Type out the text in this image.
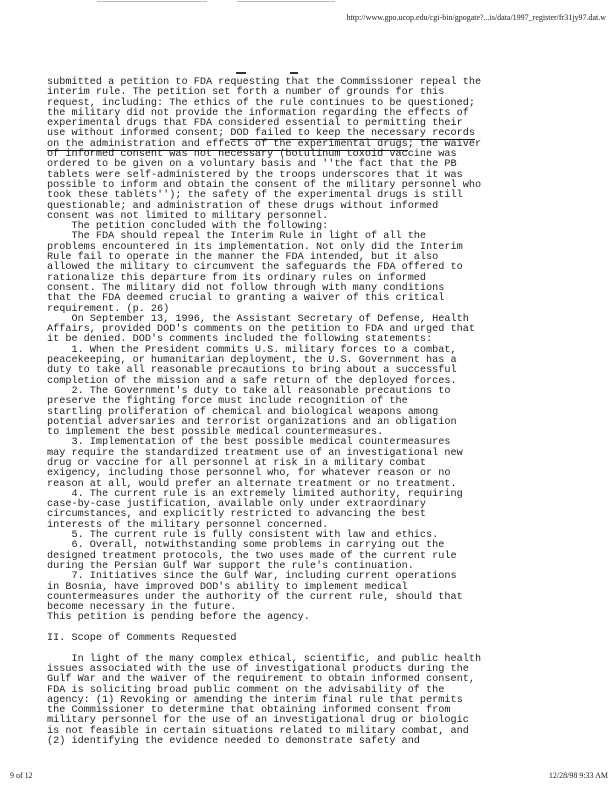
http://www.gpo.ucop.edu/cgi-bin/gpogate?...is/data/1997_register/fr31jy97.dat.w
submitted a petition to FDA requesting that the Commissioner repeal the
interim rule. The petition set forth a number of grounds for this
request, including: The ethics of the rule continues to be questioned;
the military did not provide the information regarding the effects of
experimental drugs that FDA considered essential to permitting their
use without informed consent; DOD failed to keep the necessary records
on the administration and effects of the experimental drugs; the waiver
of informed consent was not necessary (botulinum toxoid vaccine was
ordered to be given on a voluntary basis and ''the fact that the PB
tablets were self-administered by the troops underscores that it was
possible to inform and obtain the consent of the military personnel who
took these tablets''); the safety of the experimental drugs is still
questionable; and administration of these drugs without informed
consent was not limited to military personnel.
The petition concluded with the following:
The FDA should repeal the Interim Rule in light of all the
problems encountered in its implementation. Not only did the Interim
Rule fail to operate in the manner the FDA intended, but it also
allowed the military to circumvent the safeguards the FDA offered to
rationalize this departure from its ordinary rules on informed
consent. The military did not follow through with many conditions
that the FDA deemed crucial to granting a waiver of this critical
requirement. (p. 26)
On September 13, 1996, the Assistant Secretary of Defense, Health
Affairs, provided DOD's comments on the petition to FDA and urged that
it be denied. DOD's comments included the following statements:
1. When the President commits U.S. military forces to a combat,
peacekeeping, or humanitarian deployment, the U.S. Government has a
duty to take all reasonable precautions to bring about a successful
completion of the mission and a safe return of the deployed forces.
2. The Government's duty to take all reasonable precautions to
preserve the fighting force must include recognition of the
startling proliferation of chemical and biological weapons among
potential adversaries and terrorist organizations and an obligation
to implement the best possible medical countermeasures.
3. Implementation of the best possible medical countermeasures
may require the standardized treatment use of an investigational new
drug or vaccine for all personnel at risk in a military combat
exigency, including those personnel who, for whatever reason or no
reason at all, would prefer an alternate treatment or no treatment.
4. The current rule is an extremely limited authority, requiring
case-by-case justification, available only under extraordinary
circumstances, and explicitly restricted to advancing the best
interests of the military personnel concerned.
5. The current rule is fully consistent with law and ethics.
6. Overall, notwithstanding some problems in carrying out the
designed treatment protocols, the two uses made of the current rule
during the Persian Gulf War support the rule's continuation.
7. Initiatives since the Gulf War, including current operations
in Bosnia, have improved DOD's ability to implement medical
countermeasures under the authority of the current rule, should that
become necessary in the future.
This petition is pending before the agency.
II. Scope of Comments Requested
In light of the many complex ethical, scientific, and public health
issues associated with the use of investigational products during the
Gulf War and the waiver of the requirement to obtain informed consent,
FDA is soliciting broad public comment on the advisability of the
agency: (1) Revoking or amending the interim final rule that permits
the Commissioner to determine that obtaining informed consent from
military personnel for the use of an investigational drug or biologic
is not feasible in certain situations related to military combat, and
(2) identifying the evidence needed to demonstrate safety and
9 of 12	12/28/98 9:33 AM
